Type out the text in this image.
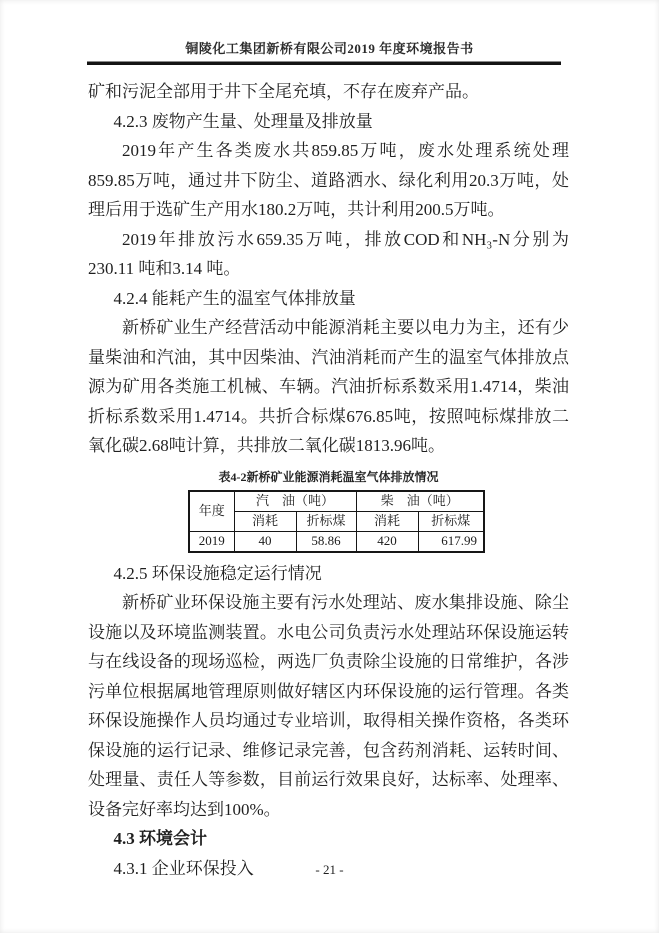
铜陵化工集团新桥有限公司2019 年度环境报告书

矿和污泥全部用于井下全尾充填，不存在废弃产品。

4.2.3 废物产生量、处理量及排放量

2019年产生各类废水共859.85万吨，废水处理系统处理859.85万吨，通过井下防尘、道路洒水、绿化利用20.3万吨，处理后用于选矿生产用水180.2万吨，共计利用200.5万吨。

2019年排放污水659.35万吨，排放COD和NH₃-N分别为230.11 吨和3.14 吨。

4.2.4 能耗产生的温室气体排放量

新桥矿业生产经营活动中能源消耗主要以电力为主，还有少量柴油和汽油，其中因柴油、汽油消耗而产生的温室气体排放点源为矿用各类施工机械、车辆。汽油折标系数采用1.4714，柴油折标系数采用1.4714。共折合标煤676.85吨，按照吨标煤排放二氧化碳2.68吨计算，共排放二氧化碳1813.96吨。

表4-2新桥矿业能源消耗温室气体排放情况
年度	汽　油（吨）		柴　油（吨）	
	消耗	折标煤	消耗	折标煤
2019	40	58.86	420	617.99

4.2.5 环保设施稳定运行情况

新桥矿业环保设施主要有污水处理站、废水集排设施、除尘设施以及环境监测装置。水电公司负责污水处理站环保设施运转与在线设备的现场巡检，两选厂负责除尘设施的日常维护，各涉污单位根据属地管理原则做好辖区内环保设施的运行管理。各类环保设施操作人员均通过专业培训，取得相关操作资格，各类环保设施的运行记录、维修记录完善，包含药剂消耗、运转时间、处理量、责任人等参数，目前运行效果良好，达标率、处理率、设备完好率均达到100%。

4.3 环境会计

4.3.1 企业环保投入	- 21 -
